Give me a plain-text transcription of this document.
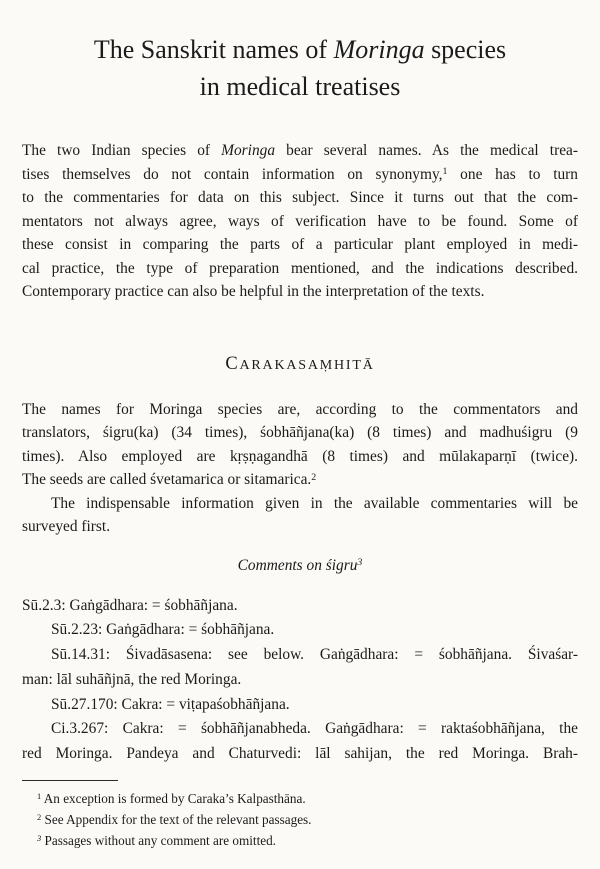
The Sanskrit names of Moringa species
in medical treatises
The two Indian species of Moringa bear several names. As the medical trea-
tises themselves do not contain information on synonymy,$^1$ one has to turn
to the commentaries for data on this subject. Since it turns out that the com-
mentators not always agree, ways of verification have to be found. Some of
these consist in comparing the parts of a particular plant employed in medi-
cal practice, the type of preparation mentioned, and the indications described.
Contemporary practice can also be helpful in the interpretation of the texts.
CARAKASAṂHITĀ
The names for Moringa species are, according to the commentators and
translators, śigru(ka) (34 times), śobhāñjana(ka) (8 times) and madhuśigru (9
times). Also employed are kṛṣṇagandhā (8 times) and mūlakaparṇī (twice).
The seeds are called śvetamarica or sitamarica.$^2$
The indispensable information given in the available commentaries will be
surveyed first.
Comments on śigru$^3$
Sū.2.3: Gaṅgādhara: = śobhāñjana.
Sū.2.23: Gaṅgādhara: = śobhāñjana.
Sū.14.31: Śivadāsasena: see below. Gaṅgādhara: = śobhāñjana. Śivaśar-
man: lāl suhāñjnā, the red Moringa.
Sū.27.170: Cakra: = viṭapaśobhāñjana.
Ci.3.267: Cakra: = śobhāñjanabheda. Gaṅgādhara: = raktaśobhāñjana, the
red Moringa. Pandeya and Chaturvedi: lāl sahijan, the red Moringa. Brah-
$^1$ An exception is formed by Caraka’s Kalpasthāna.
$^2$ See Appendix for the text of the relevant passages.
$^3$ Passages without any comment are omitted.
